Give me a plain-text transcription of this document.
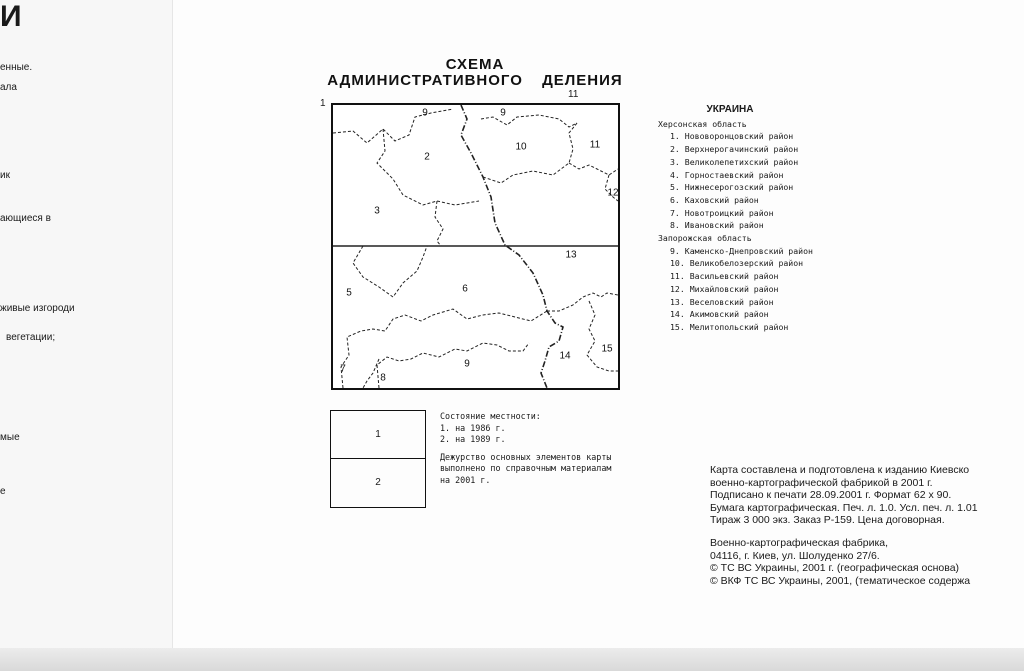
И
енные.
ала
ик
ающиеся в
живые изгороди
вегетации;
мые
е
СХЕМА
АДМИНИСТРАТИВНОГО ДЕЛЕНИЯ
1
11
9	9
2
3
10	11
12
13
5	6
7
8
9
14
15
УКРАИНА
Херсонская область
1. Нововоронцовский район
2. Верхнерогачинский район
3. Великолепетихский район
4. Горностаевский район
5. Нижнесерогозский район
6. Каховский район
7. Новотроицкий район
8. Ивановский район
Запорожская область
9. Каменско-Днепровский район
10. Великобелозерский район
11. Васильевский район
12. Михайловский район
13. Веселовский район
14. Акимовский район
15. Мелитопольский район
1
2
Состояние местности:
1. на 1986 г.
2. на 1989 г.
Дежурство основных элементов карты
выполнено по справочным материалам
на 2001 г.
Карта составлена и подготовлена к изданию Киевско
военно-картографической фабрикой в 2001 г.
Подписано к печати 28.09.2001 г. Формат 62 x 90.
Бумага картографическая. Печ. л. 1.0. Усл. печ. л. 1.01
Тираж 3 000 экз. Заказ Р-159. Цена договорная.
Военно-картографическая фабрика,
04116, г. Киев, ул. Шолуденко 27/6.
© ТС ВС Украины, 2001 г. (географическая основа)
© ВКФ ТС ВС Украины, 2001, (тематическое содержа
